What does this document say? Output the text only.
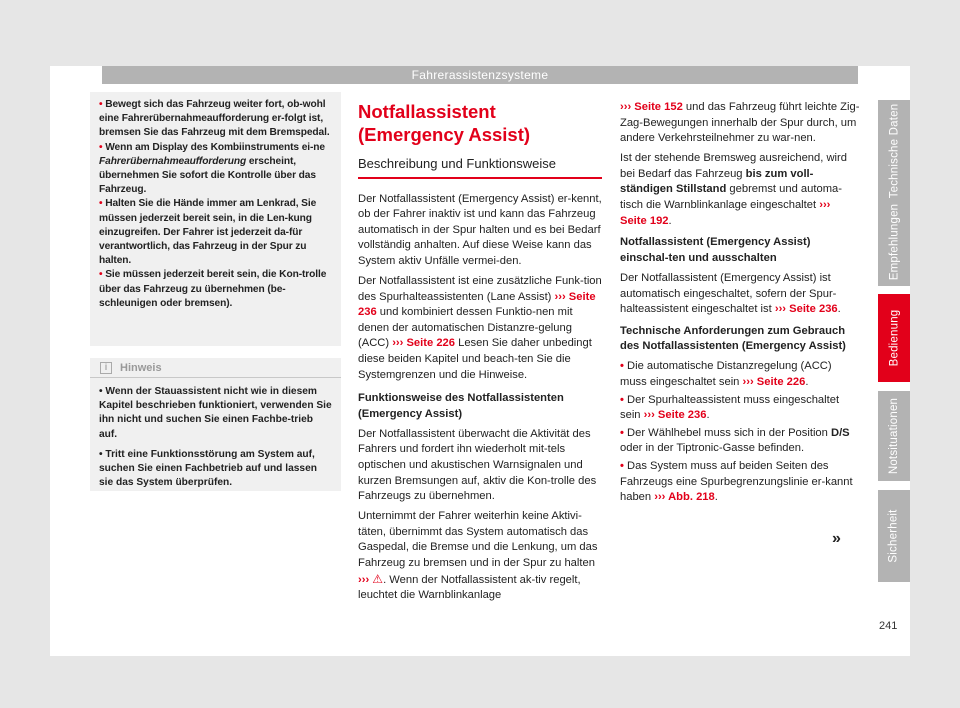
Fahrerassistenzsysteme

• Bewegt sich das Fahrzeug weiter fort, ob-wohl eine Fahrerübernahmeaufforderung er-folgt ist, bremsen Sie das Fahrzeug mit dem Bremspedal.

• Wenn am Display des Kombiinstruments ei-ne Fahrerübernahmeaufforderung erscheint, übernehmen Sie sofort die Kontrolle über das Fahrzeug.

• Halten Sie die Hände immer am Lenkrad, Sie müssen jederzeit bereit sein, in die Len-kung einzugreifen. Der Fahrer ist jederzeit da-für verantwortlich, das Fahrzeug in der Spur zu halten.

• Sie müssen jederzeit bereit sein, die Kon-trolle über das Fahrzeug zu übernehmen (be-schleunigen oder bremsen).

i	Hinweis

• Wenn der Stauassistent nicht wie in diesem Kapitel beschrieben funktioniert, verwenden Sie ihn nicht und suchen Sie einen Fachbe-trieb auf.

• Tritt eine Funktionsstörung am System auf, suchen Sie einen Fachbetrieb auf und lassen sie das System überprüfen.

Notfallassistent (Emergency Assist)
Beschreibung und Funktionsweise

Der Notfallassistent (Emergency Assist) er-kennt, ob der Fahrer inaktiv ist und kann das Fahrzeug automatisch in der Spur halten und es bei Bedarf vollständig anhalten. Auf diese Weise kann das System aktiv Unfälle vermei-den.

Der Notfallassistent ist eine zusätzliche Funk-tion des Spurhalteassistenten (Lane Assist) ››› Seite 236 und kombiniert dessen Funktio-nen mit denen der automatischen Distanzre-gelung (ACC) ››› Seite 226 Lesen Sie daher unbedingt diese beiden Kapitel und beach-ten Sie die Systemgrenzen und die Hinweise.

Funktionsweise des Notfallassistenten (Emergency Assist)

Der Notfallassistent überwacht die Aktivität des Fahrers und fordert ihn wiederholt mit-tels optischen und akustischen Warnsignalen und kurzen Bremsungen auf, aktiv die Kon-trolle des Fahrzeugs zu übernehmen.

Unternimmt der Fahrer weiterhin keine Aktivi-täten, übernimmt das System automatisch das Gaspedal, die Bremse und die Lenkung, um das Fahrzeug zu bremsen und in der Spur zu halten ››› ⚠. Wenn der Notfallassistent ak-tiv regelt, leuchtet die Warnblinkanlage

››› Seite 152 und das Fahrzeug führt leichte Zig-Zag-Bewegungen innerhalb der Spur durch, um andere Verkehrsteilnehmer zu war-nen.

Ist der stehende Bremsweg ausreichend, wird bei Bedarf das Fahrzeug bis zum voll-ständigen Stillstand gebremst und automa-tisch die Warnblinkanlage eingeschaltet ››› Seite 192.

Notfallassistent (Emergency Assist) einschal-ten und ausschalten

Der Notfallassistent (Emergency Assist) ist automatisch eingeschaltet, sofern der Spur-halteassistent eingeschaltet ist ››› Seite 236.

Technische Anforderungen zum Gebrauch des Notfallassistenten (Emergency Assist)

• Die automatische Distanzregelung (ACC) muss eingeschaltet sein ››› Seite 226.

• Der Spurhalteassistent muss eingeschaltet sein ››› Seite 236.

• Der Wählhebel muss sich in der Position D/S oder in der Tiptronic-Gasse befinden.

• Das System muss auf beiden Seiten des Fahrzeugs eine Spurbegrenzungslinie er-kannt haben ››› Abb. 218.

»
Technische Daten
Empfehlungen
Bedienung
Notsituationen
Sicherheit
241
